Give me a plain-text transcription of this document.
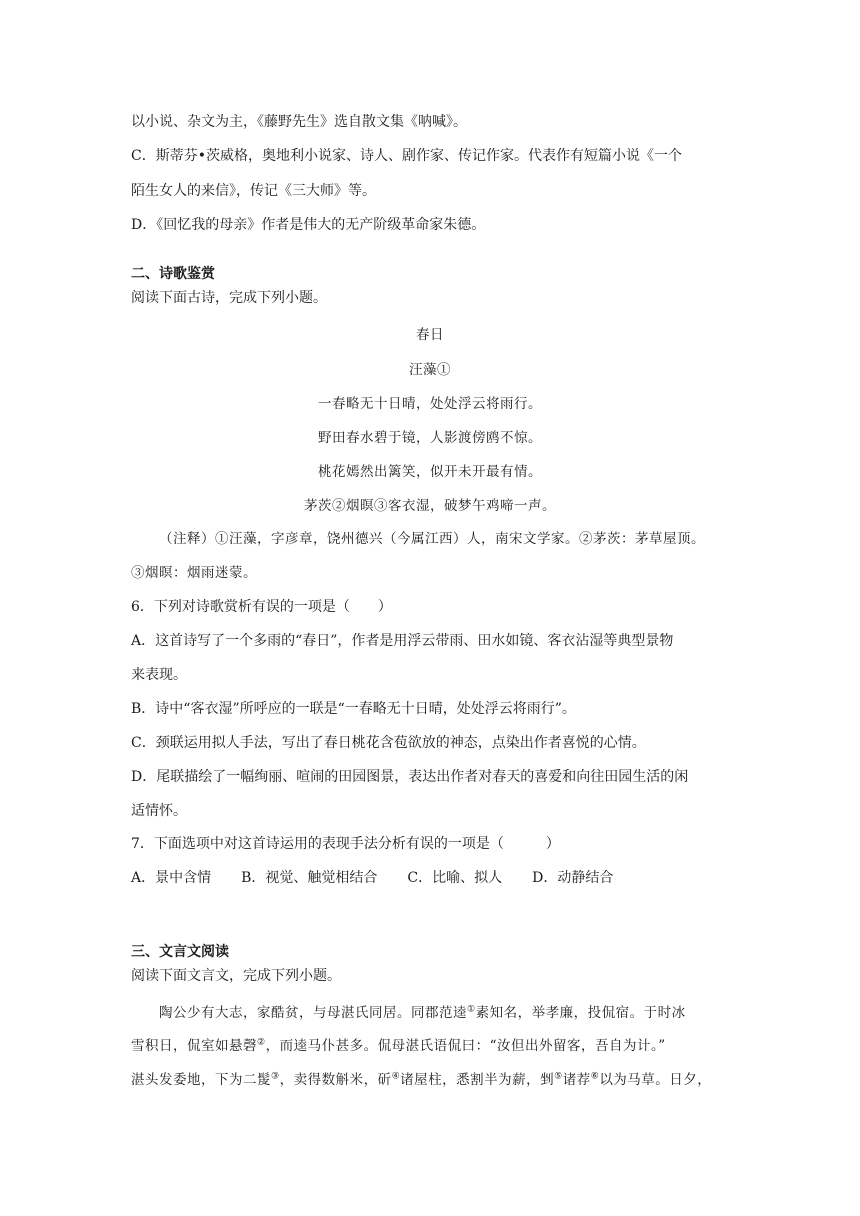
以小说、杂文为主，《藤野先生》选自散文集《呐喊》。
C．斯蒂芬•茨威格，奥地利小说家、诗人、剧作家、传记作家。代表作有短篇小说《一个
陌生女人的来信》，传记《三大师》等。
D．《回忆我的母亲》作者是伟大的无产阶级革命家朱德。
二、诗歌鉴赏
阅读下面古诗，完成下列小题。
春日
汪藻①
一春略无十日晴，处处浮云将雨行。
野田春水碧于镜，人影渡傍鸥不惊。
桃花嫣然出篱笑，似开未开最有情。
茅茨②烟暝③客衣湿，破梦午鸡啼一声。
（注释）①汪藻，字彦章，饶州德兴（今属江西）人，南宋文学家。②茅茨：茅草屋顶。
③烟暝：烟雨迷蒙。
6．下列对诗歌赏析有误的一项是（　　）
A．这首诗写了一个多雨的“春日”，作者是用浮云带雨、田水如镜、客衣沾湿等典型景物
来表现。
B．诗中“客衣湿”所呼应的一联是“一春略无十日晴，处处浮云将雨行”。
C．颈联运用拟人手法，写出了春日桃花含苞欲放的神态，点染出作者喜悦的心情。
D．尾联描绘了一幅绚丽、喧闹的田园图景，表达出作者对春天的喜爱和向往田园生活的闲
适情怀。
7．下面选项中对这首诗运用的表现手法分析有误的一项是（　　　）
A．景中含情 B．视觉、触觉相结合 C．比喻、拟人 D．动静结合
三、文言文阅读
阅读下面文言文，完成下列小题。
陶公少有大志，家酷贫，与母湛氏同居。同郡范逵①素知名，举孝廉，投侃宿。于时冰
雪积日，侃室如悬磬②，而逵马仆甚多。侃母湛氏语侃曰：“汝但出外留客，吾自为计。”
湛头发委地，下为二髲③，卖得数斛米，斫④诸屋柱，悉割半为薪，剉⑤诸荐⑥以为马草。日夕，
